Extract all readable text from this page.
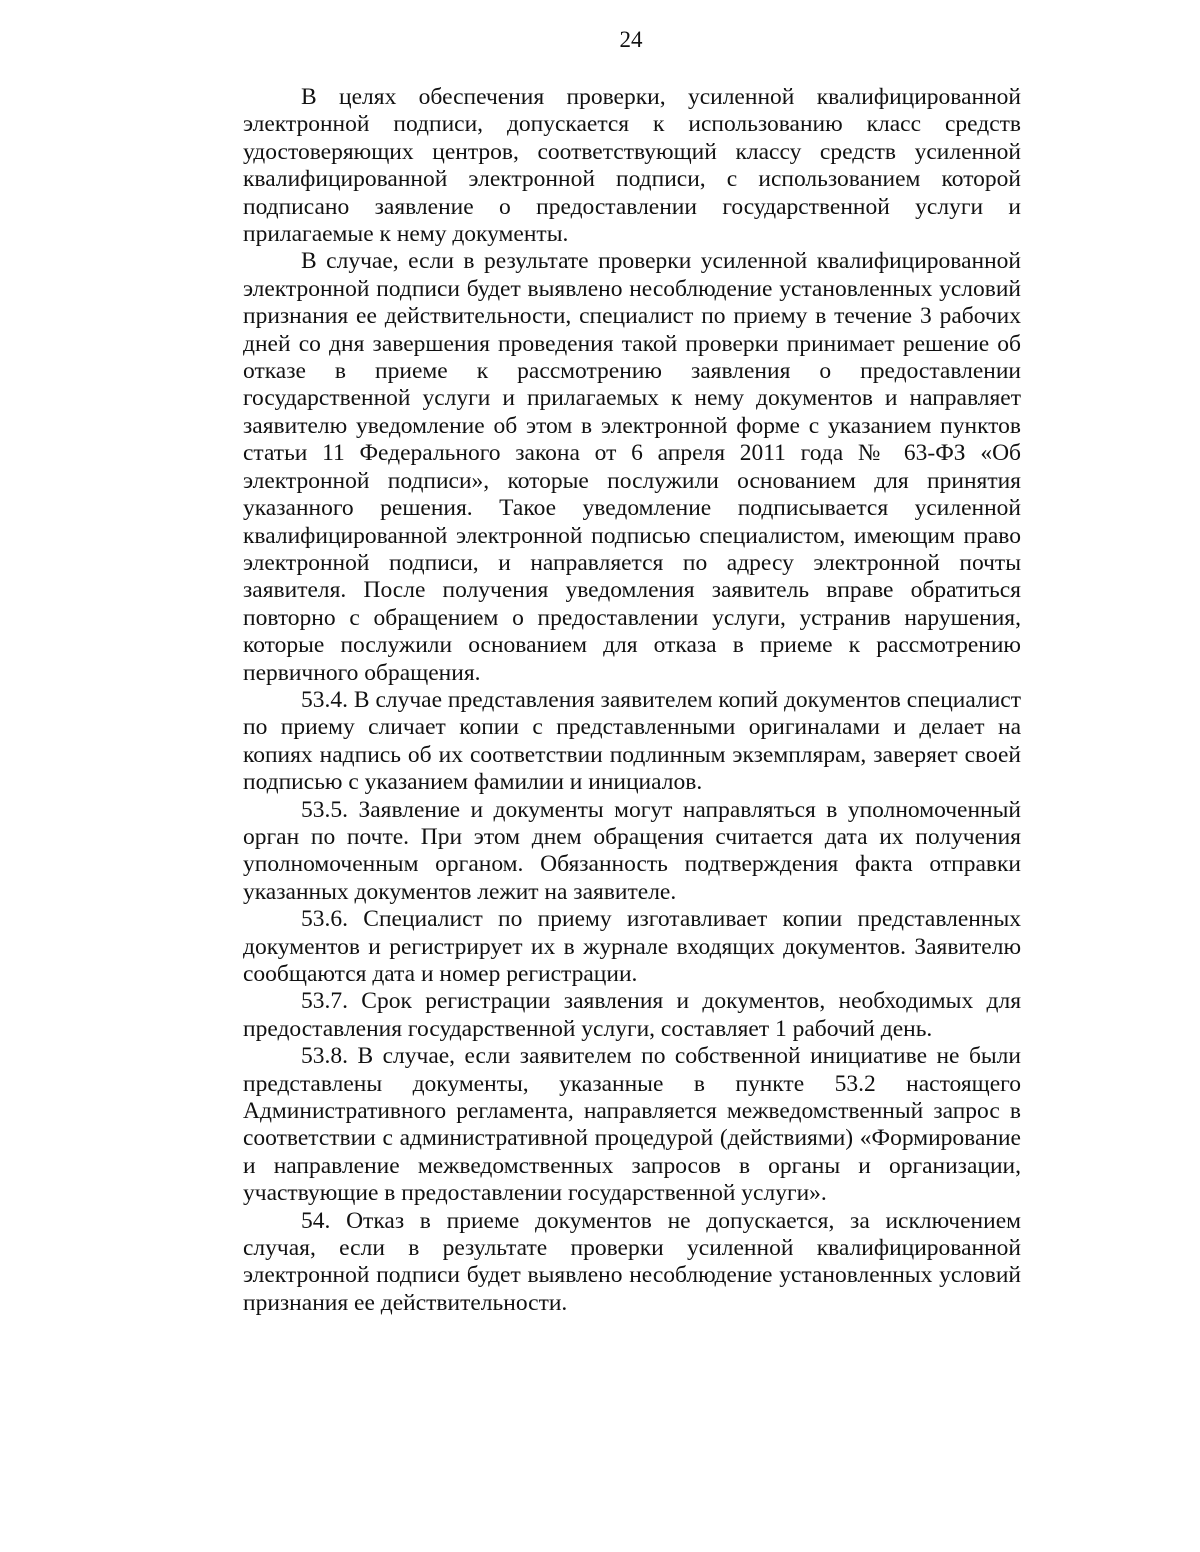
24

В целях обеспечения проверки, усиленной квалифицированной электронной подписи, допускается к использованию класс средств удостоверяющих центров, соответствующий классу средств усиленной квалифицированной электронной подписи, с использованием которой подписано заявление о предоставлении государственной услуги и прилагаемые к нему документы.

В случае, если в результате проверки усиленной квалифицированной электронной подписи будет выявлено несоблюдение установленных условий признания ее действительности, специалист по приему в течение 3 рабочих дней со дня завершения проведения такой проверки принимает решение об отказе в приеме к рассмотрению заявления о предоставлении государственной услуги и прилагаемых к нему документов и направляет заявителю уведомление об этом в электронной форме с указанием пунктов статьи 11 Федерального закона от 6 апреля 2011 года № 63-ФЗ «Об электронной подписи», которые послужили основанием для принятия указанного решения. Такое уведомление подписывается усиленной квалифицированной электронной подписью специалистом, имеющим право электронной подписи, и направляется по адресу электронной почты заявителя. После получения уведомления заявитель вправе обратиться повторно с обращением о предоставлении услуги, устранив нарушения, которые послужили основанием для отказа в приеме к рассмотрению первичного обращения.

53.4. В случае представления заявителем копий документов специалист по приему сличает копии с представленными оригиналами и делает на копиях надпись об их соответствии подлинным экземплярам, заверяет своей подписью с указанием фамилии и инициалов.

53.5. Заявление и документы могут направляться в уполномоченный орган по почте. При этом днем обращения считается дата их получения уполномоченным органом. Обязанность подтверждения факта отправки указанных документов лежит на заявителе.

53.6. Специалист по приему изготавливает копии представленных документов и регистрирует их в журнале входящих документов. Заявителю сообщаются дата и номер регистрации.

53.7. Срок регистрации заявления и документов, необходимых для предоставления государственной услуги, составляет 1 рабочий день.

53.8. В случае, если заявителем по собственной инициативе не были представлены документы, указанные в пункте 53.2 настоящего Административного регламента, направляется межведомственный запрос в соответствии с административной процедурой (действиями) «Формирование и направление межведомственных запросов в органы и организации, участвующие в предоставлении государственной услуги».

54. Отказ в приеме документов не допускается, за исключением случая, если в результате проверки усиленной квалифицированной электронной подписи будет выявлено несоблюдение установленных условий признания ее действительности.
